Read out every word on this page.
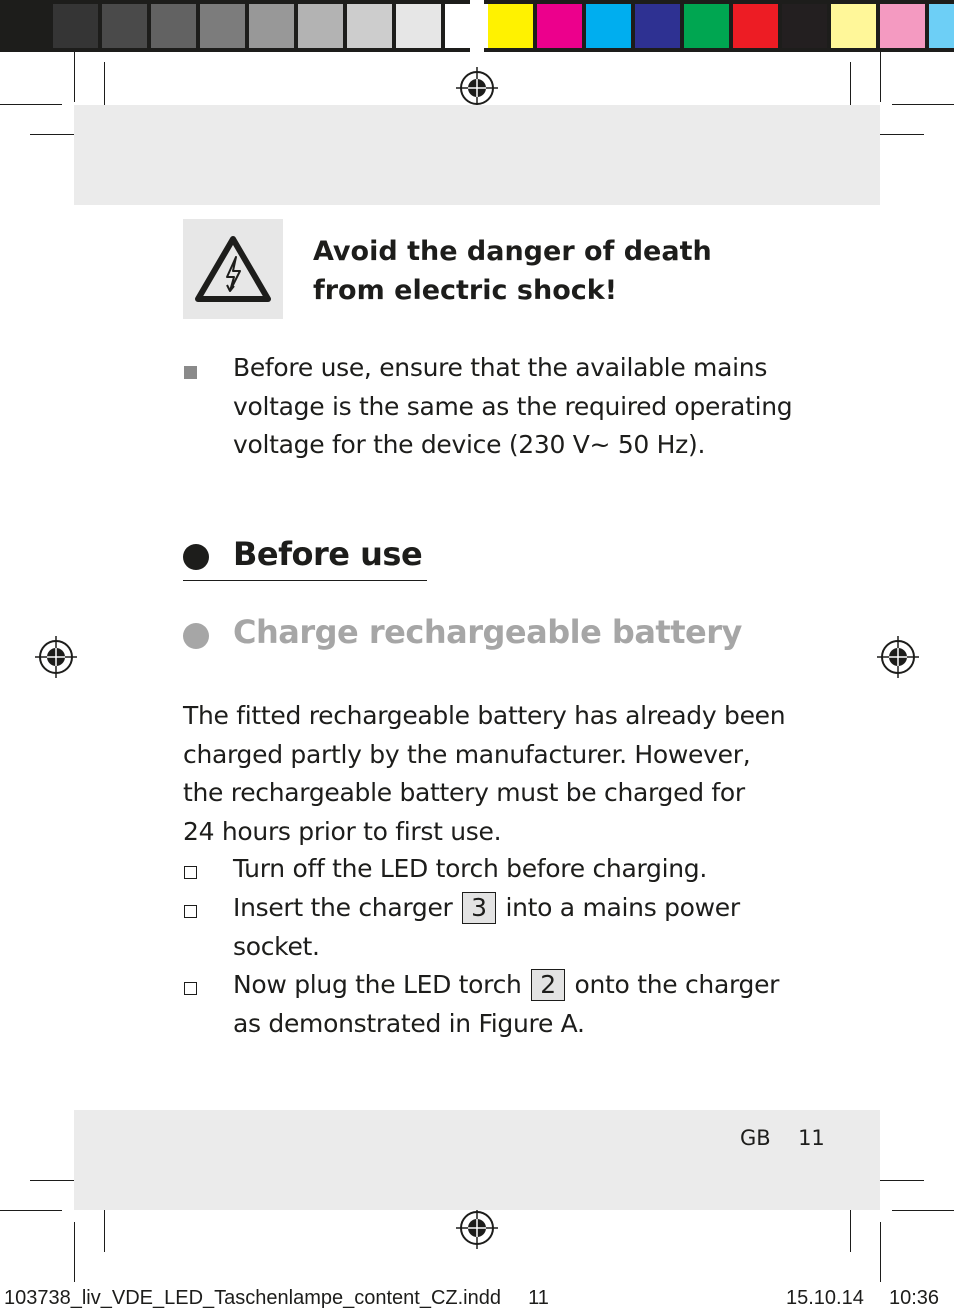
Avoid the danger of death
from electric shock!
Before use, ensure that the available mains
voltage is the same as the required operating
voltage for the device (230 V~ 50 Hz).
Before use
Charge rechargeable battery
The fitted rechargeable battery has already been
charged partly by the manufacturer. However,
the rechargeable battery must be charged for
24 hours prior to first use.
Turn off the LED torch before charging.
Insert the charger 3 into a mains power
socket.
Now plug the LED torch 2 onto the charger
as demonstrated in Figure A.
GB 11
103738_liv_VDE_LED_Taschenlampe_content_CZ.indd 11	15.10.14 10:36
